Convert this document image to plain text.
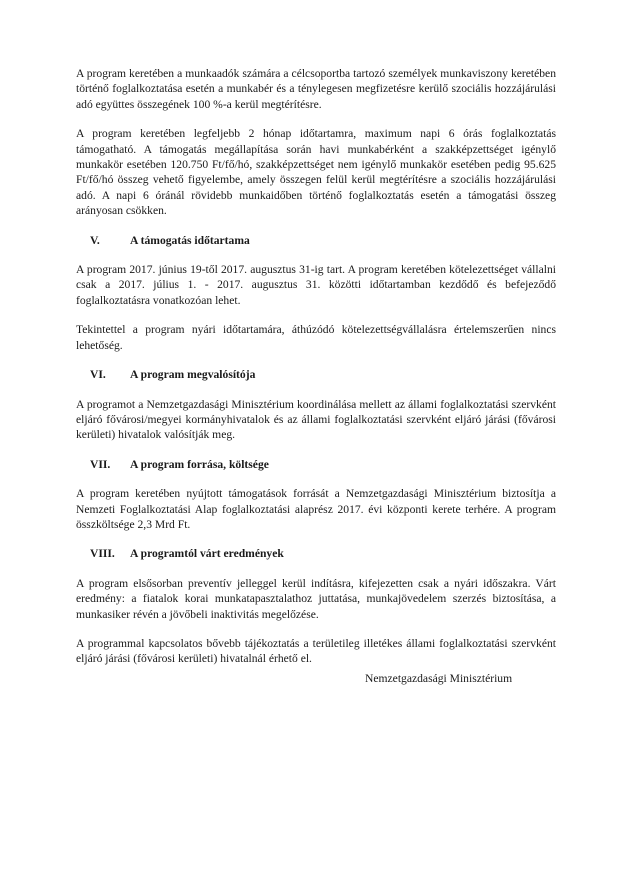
A program keretében a munkaadók számára a célcsoportba tartozó személyek munkaviszony keretében történő foglalkoztatása esetén a munkabér és a ténylegesen megfizetésre kerülő szociális hozzájárulási adó együttes összegének 100 %-a kerül megtérítésre.

A program keretében legfeljebb 2 hónap időtartamra, maximum napi 6 órás foglalkoztatás támogatható. A támogatás megállapítása során havi munkabérként a szakképzettséget igénylő munkakör esetében 120.750 Ft/fő/hó, szakképzettséget nem igénylő munkakör esetében pedig 95.625 Ft/fő/hó összeg vehető figyelembe, amely összegen felül kerül megtérítésre a szociális hozzájárulási adó. A napi 6 óránál rövidebb munkaidőben történő foglalkoztatás esetén a támogatási összeg arányosan csökken.

V.	A támogatás időtartama

A program 2017. június 19-től 2017. augusztus 31-ig tart. A program keretében kötelezettséget vállalni csak a 2017. július 1. - 2017. augusztus 31. közötti időtartamban kezdődő és befejeződő foglalkoztatásra vonatkozóan lehet.

Tekintettel a program nyári időtartamára, áthúzódó kötelezettségvállalásra értelemszerűen nincs lehetőség.

VI.	A program megvalósítója

A programot a Nemzetgazdasági Minisztérium koordinálása mellett az állami foglalkoztatási szervként eljáró fővárosi/megyei kormányhivatalok és az állami foglalkoztatási szervként eljáró járási (fővárosi kerületi) hivatalok valósítják meg.

VII.	A program forrása, költsége

A program keretében nyújtott támogatások forrását a Nemzetgazdasági Minisztérium biztosítja a Nemzeti Foglalkoztatási Alap foglalkoztatási alaprész 2017. évi központi kerete terhére. A program összköltsége 2,3 Mrd Ft.

VIII.	A programtól várt eredmények

A program elsősorban preventív jelleggel kerül indításra, kifejezetten csak a nyári időszakra. Várt eredmény: a fiatalok korai munkatapasztalathoz juttatása, munkajövedelem szerzés biztosítása, a munkasiker révén a jövőbeli inaktivitás megelőzése.

A programmal kapcsolatos bővebb tájékoztatás a területileg illetékes állami foglalkoztatási szervként eljáró járási (fővárosi kerületi) hivatalnál érhető el.

Nemzetgazdasági Minisztérium
